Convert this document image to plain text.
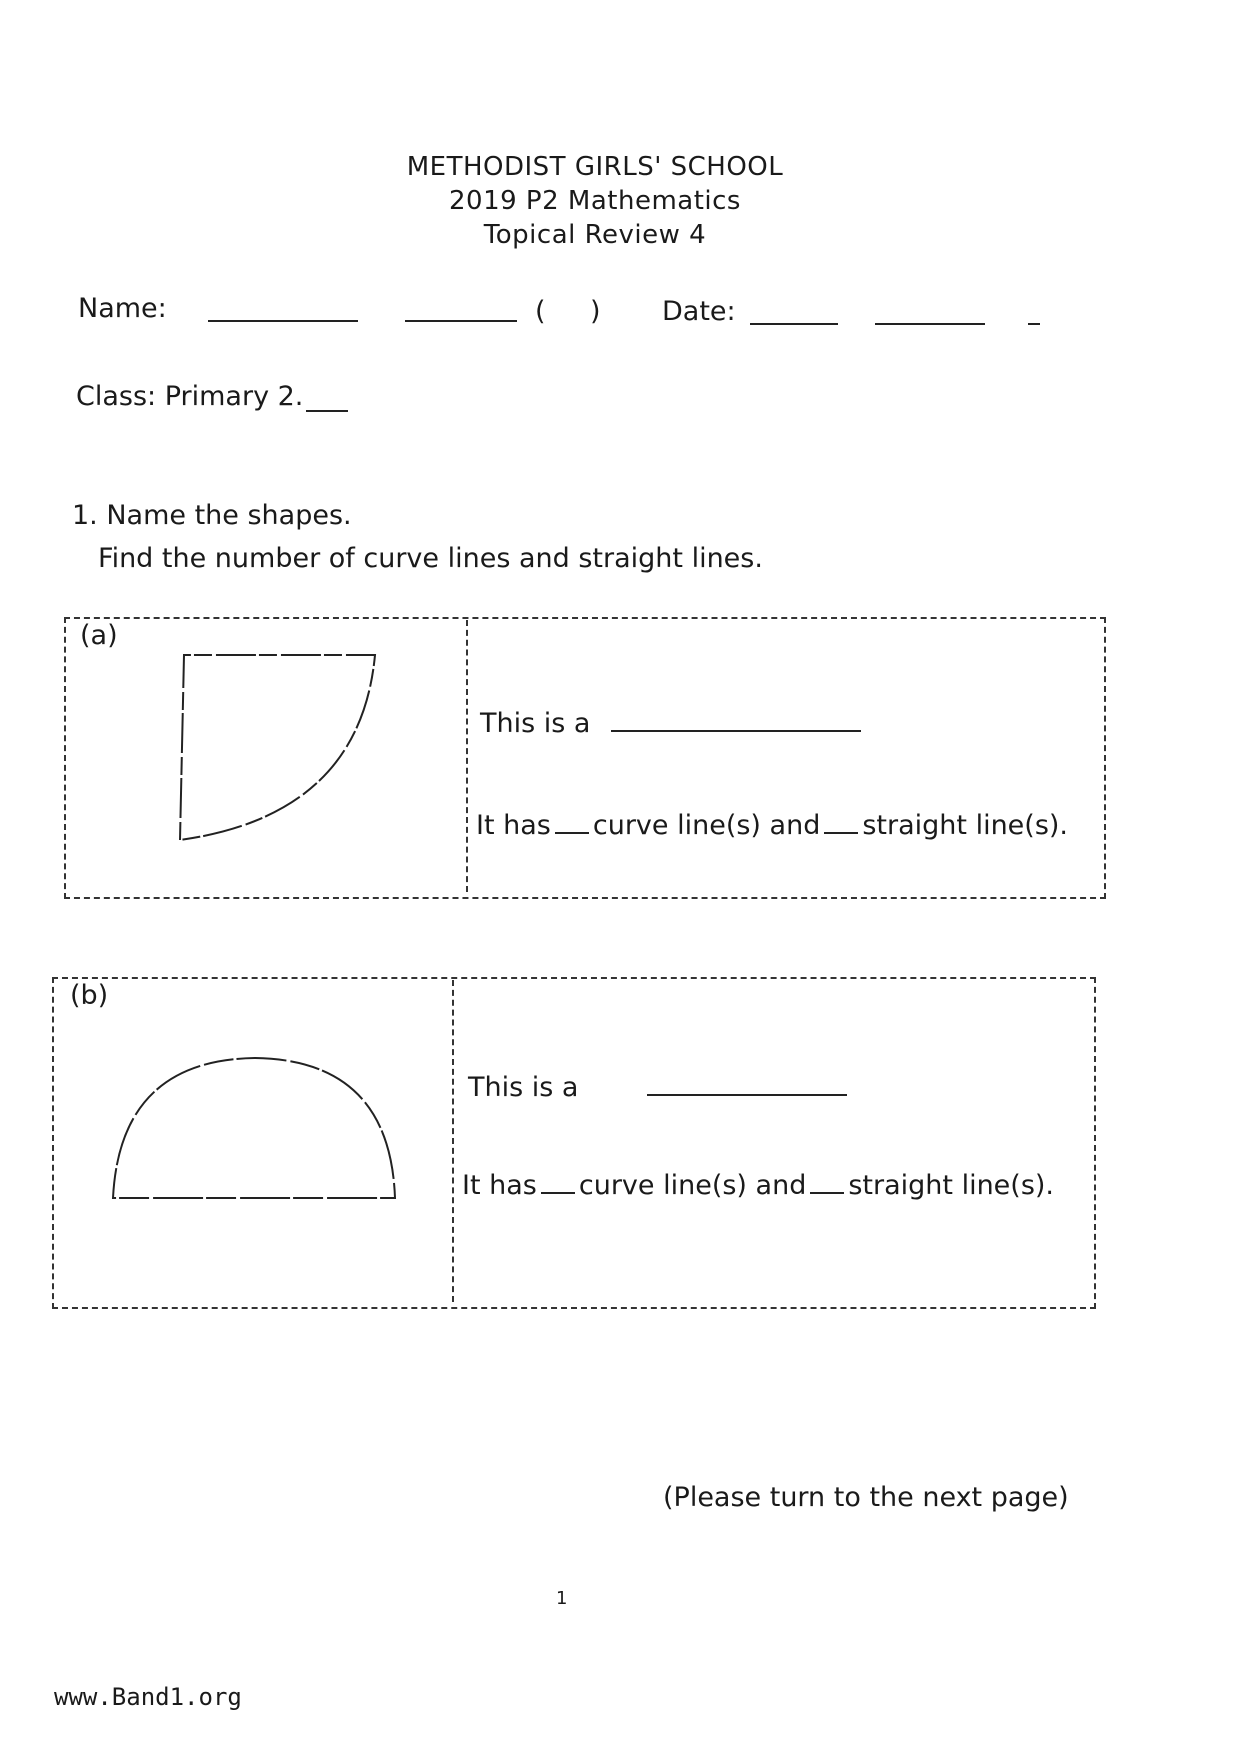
METHODIST GIRLS' SCHOOL
2019 P2 Mathematics
Topical Review 4
Name:	( ) Date:
Class: Primary 2.
1. Name the shapes.
Find the number of curve lines and straight lines.
(a)
This is a
It has curve line(s) and straight line(s).
(b)
This is a
It has curve line(s) and straight line(s).
(Please turn to the next page)
1
www.Band1.org
